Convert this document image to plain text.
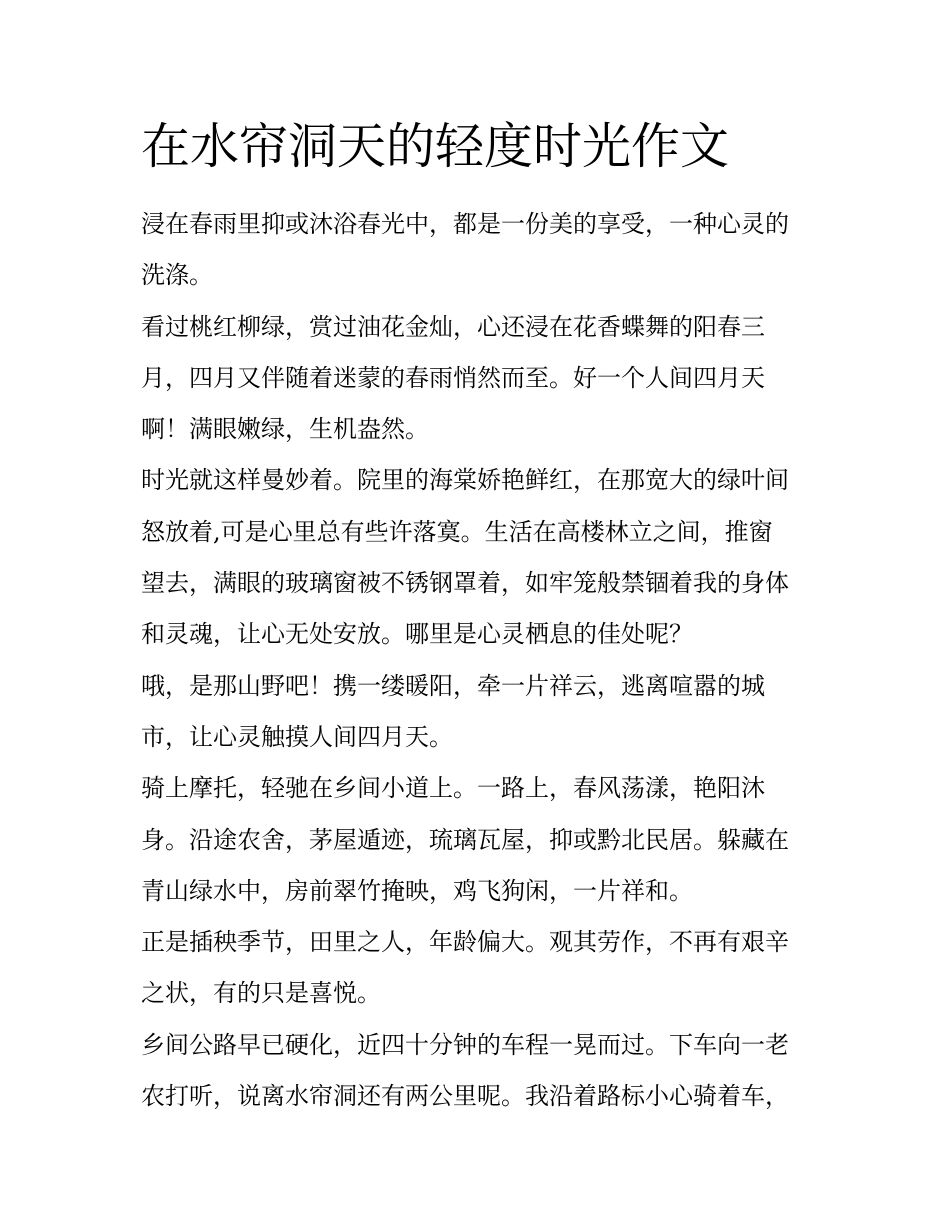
在水帘洞天的轻度时光作文

浸在春雨里抑或沐浴春光中，都是一份美的享受，一种心灵的
洗涤。

看过桃红柳绿，赏过油花金灿，心还浸在花香蝶舞的阳春三
月，四月又伴随着迷蒙的春雨悄然而至。好一个人间四月天
啊！满眼嫩绿，生机盎然。

时光就这样曼妙着。院里的海棠娇艳鲜红，在那宽大的绿叶间
怒放着,可是心里总有些许落寞。生活在高楼林立之间，推窗
望去，满眼的玻璃窗被不锈钢罩着，如牢笼般禁锢着我的身体
和灵魂，让心无处安放。哪里是心灵栖息的佳处呢？

哦，是那山野吧！携一缕暖阳，牵一片祥云，逃离喧嚣的城
市，让心灵触摸人间四月天。

骑上摩托，轻驰在乡间小道上。一路上，春风荡漾，艳阳沐
身。沿途农舍，茅屋遁迹，琉璃瓦屋，抑或黔北民居。躲藏在
青山绿水中，房前翠竹掩映，鸡飞狗闲，一片祥和。

正是插秧季节，田里之人，年龄偏大。观其劳作，不再有艰辛
之状，有的只是喜悦。

乡间公路早已硬化，近四十分钟的车程一晃而过。下车向一老
农打听，说离水帘洞还有两公里呢。我沿着路标小心骑着车，
